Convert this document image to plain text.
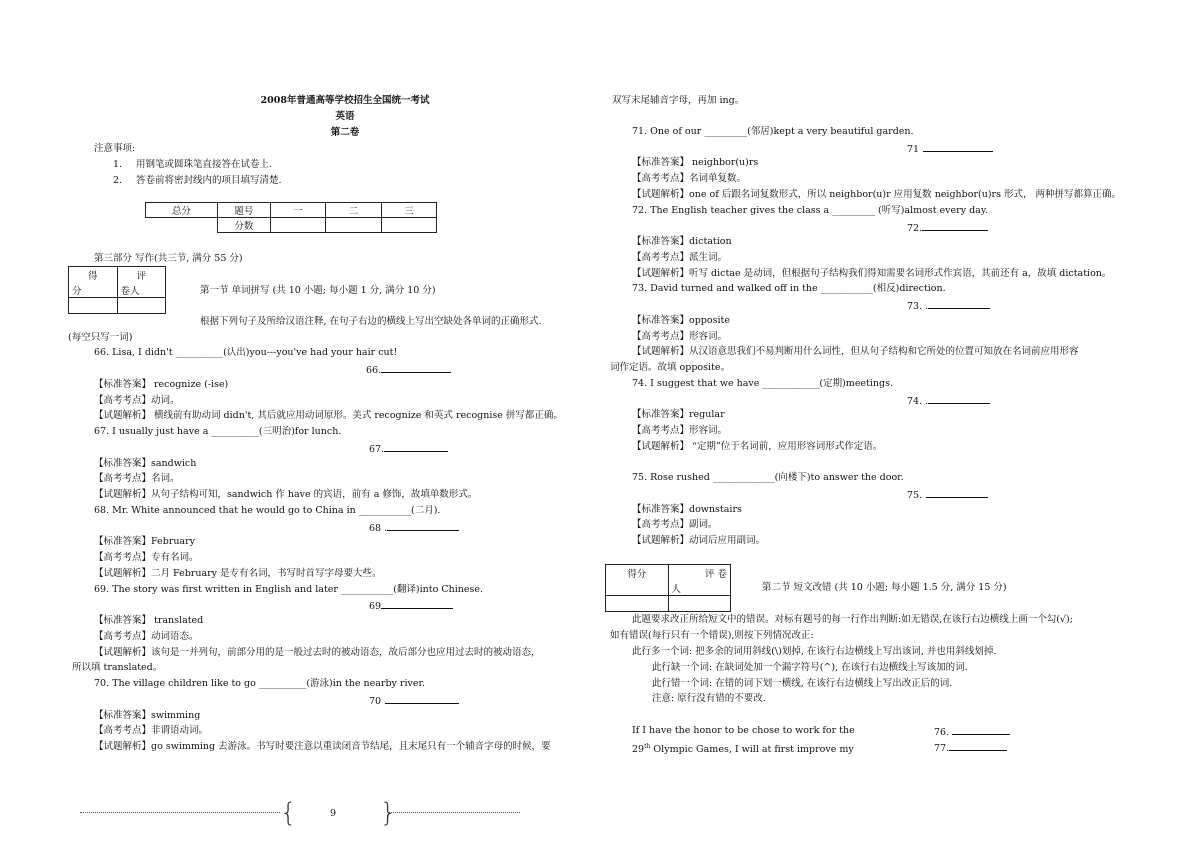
2008年普通高等学校招生全国统一考试
英语
第二卷
注意事项:
1. 用钢笔或圆珠笔直接答在试卷上.
2. 答卷前将密封线内的项目填写清楚.
总分	题号	一	二	三
	分数			
第三部分 写作(共三节, 满分 55 分)
得	评
分	卷人
		第一节 单词拼写 (共 10 小题; 每小题 1 分, 满分 10 分)
根据下列句子及所给汉语注释, 在句子右边的横线上写出空缺处各单词的正确形式.
(每空只写一词)
66. Lisa, I didn't __________(认出)you---you've had your hair cut!
66.
【标准答案】 recognize (-ise)
【高考考点】动词。
【试题解析】 横线前有助动词 didn't, 其后就应用动词原形。美式 recognize 和英式 recognise 拼写都正确。
67. I usually just have a __________(三明治)for lunch.
67.
【标准答案】sandwich
【高考考点】名词。
【试题解析】从句子结构可知，sandwich 作 have 的宾语，前有 a 修饰，故填单数形式。
68. Mr. White announced that he would go to China in ___________(二月).
68 .
【标准答案】February
【高考考点】专有名词。
【试题解析】二月 February 是专有名词，书写时首写字母要大些。
69. The story was first written in English and later ___________(翻译)into Chinese.
69
【标准答案】 translated
【高考考点】动词语态。
【试题解析】该句是一并列句，前部分用的是一般过去时的被动语态，故后部分也应用过去时的被动语态，
所以填 translated。
70. The village children like to go __________(游泳)in the nearby river.
70
【标准答案】swimming
【高考考点】非谓语动词。
【试题解析】go swimming 去游泳。书写时要注意以重读闭音节结尾，且末尾只有一个辅音字母的时候，要
双写末尾辅音字母，再加 ing。
71. One of our _________(邻居)kept a very beautiful garden.
71
【标准答案】 neighbor(u)rs
【高考考点】名词单复数。
【试题解析】one of 后跟名词复数形式，所以 neighbor(u)r 应用复数 neighbor(u)rs 形式， 两种拼写都算正确。
72. The English teacher gives the class a _________ (听写)almost every day.
72.
【标准答案】dictation
【高考考点】派生词。
【试题解析】听写 dictae 是动词，但根据句子结构我们得知需要名词形式作宾语，其前还有 a，故填 dictation。
73. David turned and walked off in the ___________(相反)direction.
73. .
【标准答案】opposite
【高考考点】形容词。
【试题解析】从汉语意思我们不易判断用什么词性，但从句子结构和它所处的位置可知放在名词前应用形容
词作定语。故填 opposite。
74. I suggest that we have ____________(定期)meetings.
74. .
【标准答案】regular
【高考考点】形容词。
【试题解析】 “定期”位于名词前，应用形容词形式作定语。
75. Rose rushed _____________(向楼下)to answer the door.
75.
【标准答案】downstairs
【高考考点】副词。
【试题解析】动词后应用副词。
得分	评 卷
	人
		第二节 短文改错 (共 10 小题; 每小题 1.5 分, 满分 15 分)
此题要求改正所给短文中的错误。对标有题号的每一行作出判断:如无错误,在该行右边横线上画一个勾(√);
如有错误(每行只有一个错误),则按下列情况改正:
此行多一个词: 把多余的词用斜线(\)划掉, 在该行右边横线上写出该词, 并也用斜线划掉.
此行缺一个词: 在缺词处加一个漏字符号(^), 在该行右边横线上写该加的词.
此行错一个词: 在错的词下划一横线, 在该行右边横线上写出改正后的词.
注意: 原行没有错的不要改.
If I have the honor to be chose to work for the	76.
29th Olympic Games, I will at first improve my	77.
{	9 }
